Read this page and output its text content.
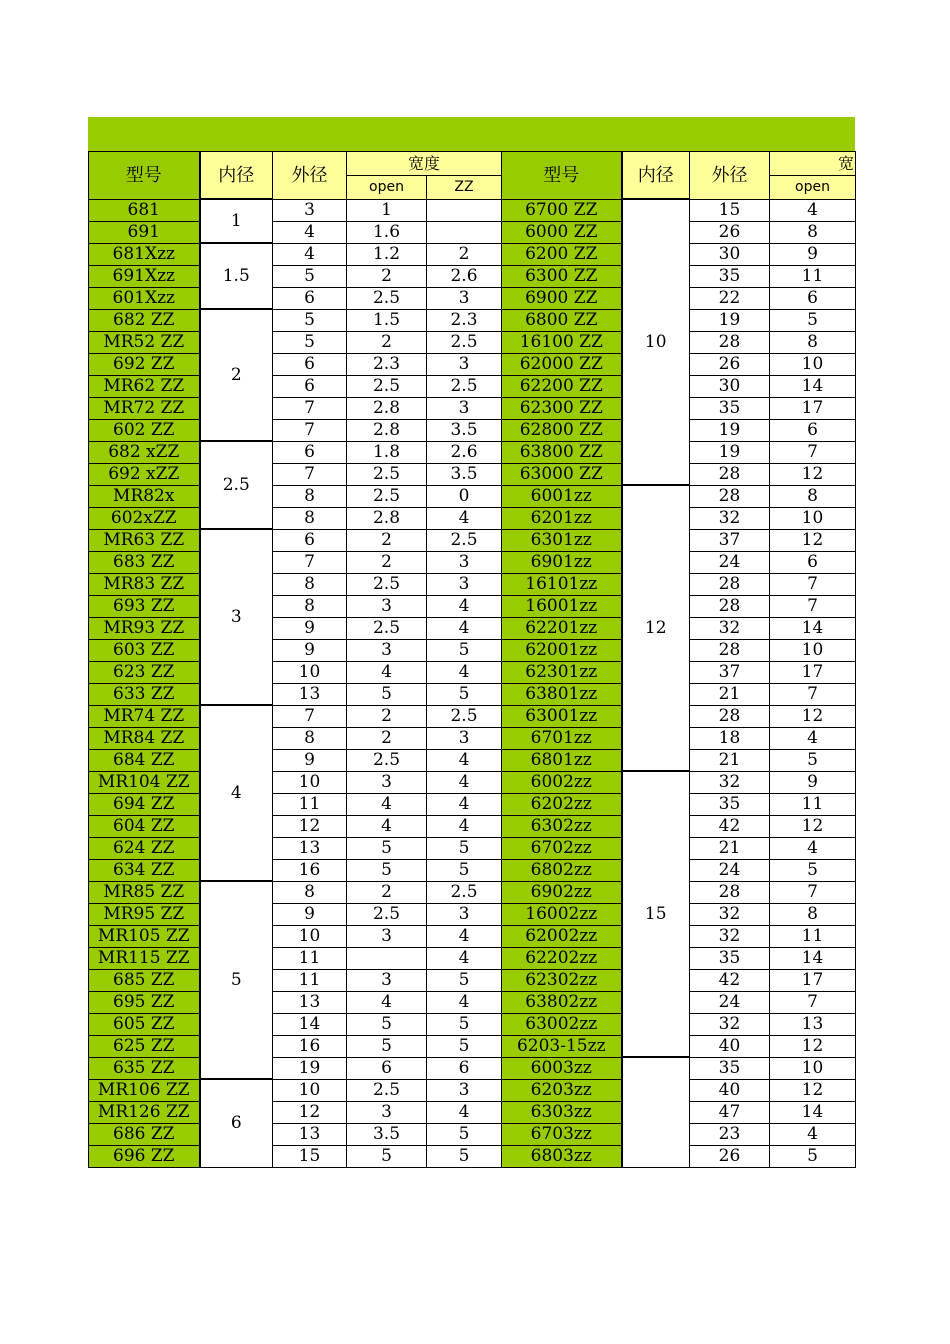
型号	内径	外径	宽度		型号	内径	外径	宽
			open	ZZ				open
681	1	3	1		6700 ZZ	10	15	4
691		4	1.6		6000 ZZ		26	8
681Xzz	1.5	4	1.2	2	6200 ZZ		30	9
691Xzz		5	2	2.6	6300 ZZ		35	11
601Xzz		6	2.5	3	6900 ZZ		22	6
682 ZZ	2	5	1.5	2.3	6800 ZZ		19	5
MR52 ZZ		5	2	2.5	16100 ZZ		28	8
692 ZZ		6	2.3	3	62000 ZZ		26	10
MR62 ZZ		6	2.5	2.5	62200 ZZ		30	14
MR72 ZZ		7	2.8	3	62300 ZZ		35	17
602 ZZ		7	2.8	3.5	62800 ZZ		19	6
682 xZZ	2.5	6	1.8	2.6	63800 ZZ		19	7
692 xZZ		7	2.5	3.5	63000 ZZ		28	12
MR82x		8	2.5	0	6001zz	12	28	8
602xZZ		8	2.8	4	6201zz		32	10
MR63 ZZ	3	6	2	2.5	6301zz		37	12
683 ZZ		7	2	3	6901zz		24	6
MR83 ZZ		8	2.5	3	16101zz		28	7
693 ZZ		8	3	4	16001zz		28	7
MR93 ZZ		9	2.5	4	62201zz		32	14
603 ZZ		9	3	5	62001zz		28	10
623 ZZ		10	4	4	62301zz		37	17
633 ZZ		13	5	5	63801zz		21	7
MR74 ZZ	4	7	2	2.5	63001zz		28	12
MR84 ZZ		8	2	3	6701zz		18	4
684 ZZ		9	2.5	4	6801zz		21	5
MR104 ZZ		10	3	4	6002zz	15	32	9
694 ZZ		11	4	4	6202zz		35	11
604 ZZ		12	4	4	6302zz		42	12
624 ZZ		13	5	5	6702zz		21	4
634 ZZ		16	5	5	6802zz		24	5
MR85 ZZ	5	8	2	2.5	6902zz		28	7
MR95 ZZ		9	2.5	3	16002zz		32	8
MR105 ZZ		10	3	4	62002zz		32	11
MR115 ZZ		11		4	62202zz		35	14
685 ZZ		11	3	5	62302zz		42	17
695 ZZ		13	4	4	63802zz		24	7
605 ZZ		14	5	5	63002zz		32	13
625 ZZ		16	5	5	6203-15zz		40	12
635 ZZ		19	6	6	6003zz		35	10
MR106 ZZ	6	10	2.5	3	6203zz		40	12
MR126 ZZ		12	3	4	6303zz		47	14
686 ZZ		13	3.5	5	6703zz		23	4
696 ZZ		15	5	5	6803zz		26	5
